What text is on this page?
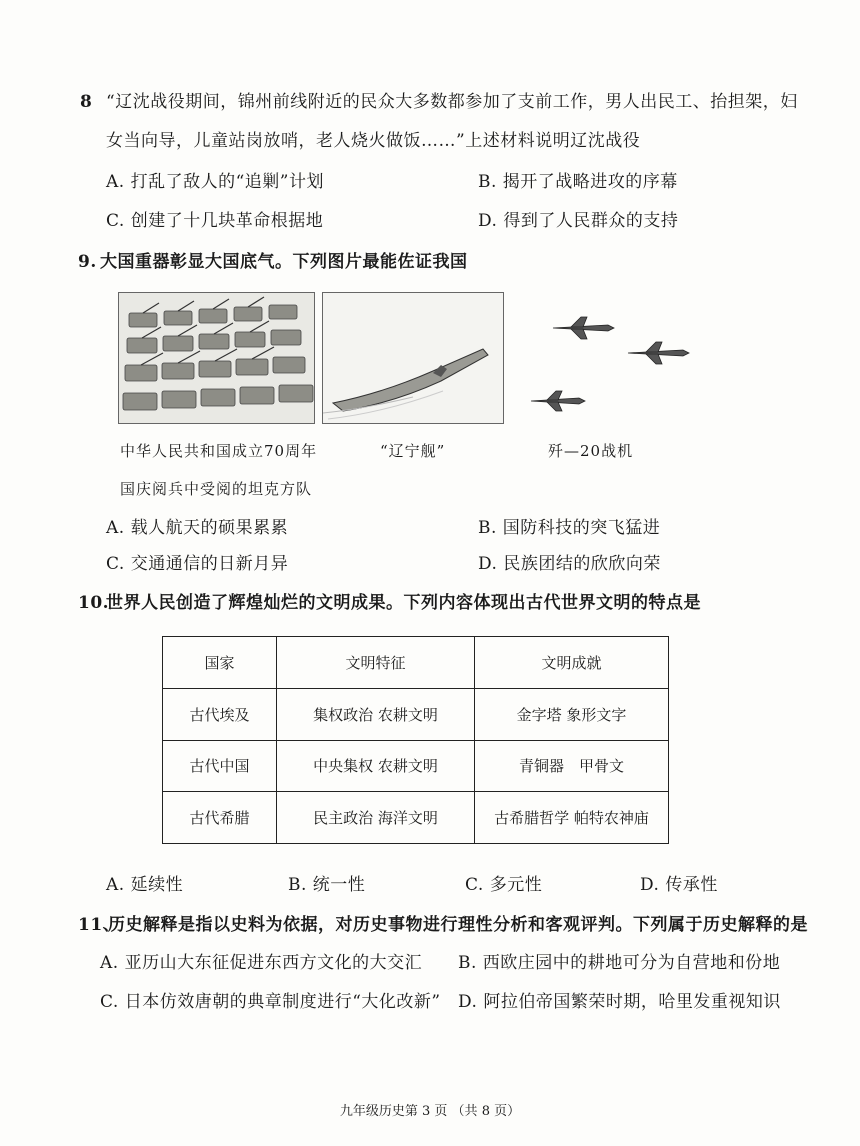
8 “辽沈战役期间，锦州前线附近的民众大多数都参加了支前工作，男人出民工、抬担架，妇
女当向导，儿童站岗放哨，老人烧火做饭……”上述材料说明辽沈战役
A. 打乱了敌人的“追剿”计划	B. 揭开了战略进攻的序幕
C. 创建了十几块革命根据地	D. 得到了人民群众的支持
9. 大国重器彰显大国底气。下列图片最能佐证我国
中华人民共和国成立70周年
国庆阅兵中受阅的坦克方队
“辽宁舰”	歼—20战机
A. 载人航天的硕果累累	B. 国防科技的突飞猛进
C. 交通通信的日新月异	D. 民族团结的欣欣向荣
10.
世界人民创造了辉煌灿烂的文明成果。下列内容体现出古代世界文明的特点是
国家	文明特征	文明成就
古代埃及	集权政治 农耕文明	金字塔 象形文字
古代中国	中央集权 农耕文明	青铜器　甲骨文
古代希腊	民主政治 海洋文明	古希腊哲学 帕特农神庙
A. 延续性	B. 统一性	C. 多元性	D. 传承性
11、
历史解释是指以史料为依据，对历史事物进行理性分析和客观评判。下列属于历史解释的是
A. 亚历山大东征促进东西方文化的大交汇 B. 西欧庄园中的耕地可分为自营地和份地
C. 日本仿效唐朝的典章制度进行“大化改新” D. 阿拉伯帝国繁荣时期，哈里发重视知识
九年级历史第 3 页 （共 8 页）
